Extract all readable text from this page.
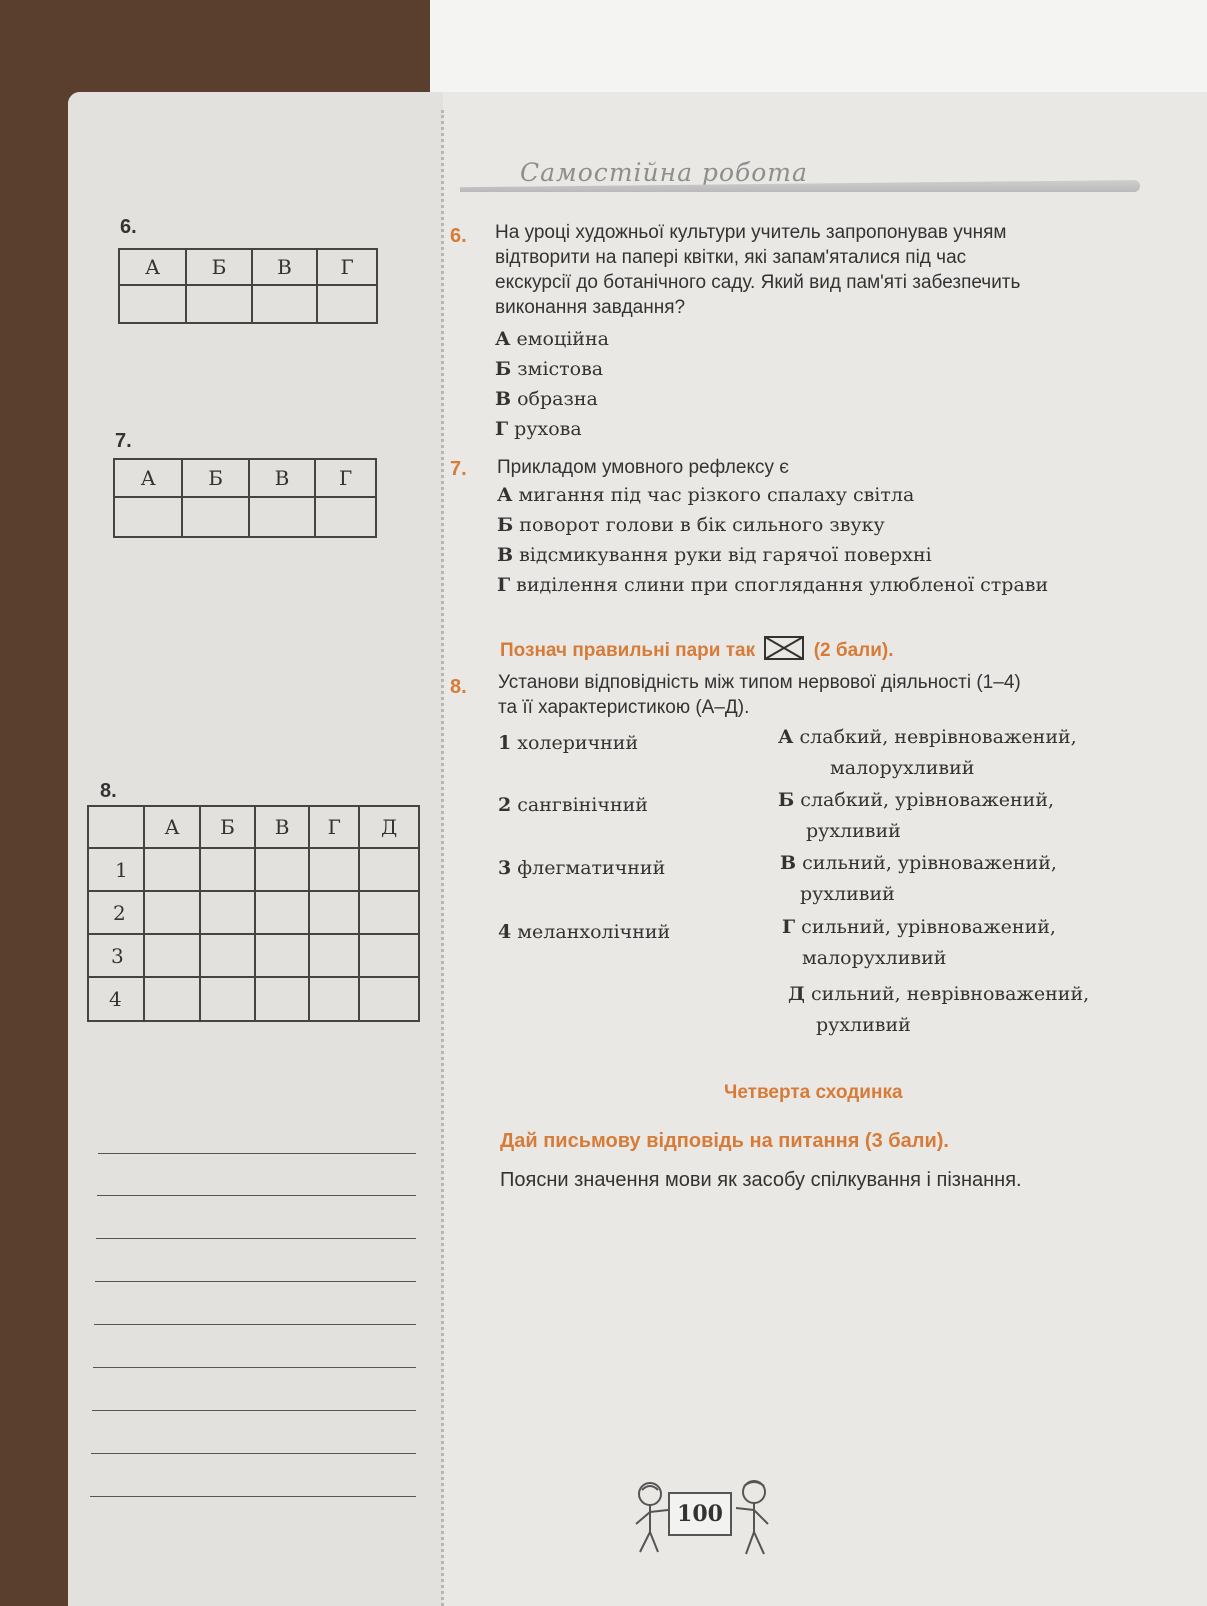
Самостійна робота
6.
А	Б	В	Г

7.
А	Б	В	Г

8.
	А	Б	В	Г	Д
1					
2					
3					
4					
6. На уроці художньої культури учитель запропонував учням
відтворити на папері квітки, які запам'яталися під час
екскурсії до ботанічного саду. Який вид пам'яті забезпечить
виконання завдання?
А емоційна
Б змістова
В образна
Г рухова
7. Прикладом умовного рефлексу є
А мигання під час різкого спалаху світла
Б поворот голови в бік сильного звуку
В відсмикування руки від гарячої поверхні
Г виділення слини при споглядання улюбленої страви
Познач правильні пари так ☒ (2 бали).
8. Установи відповідність між типом нервової діяльності (1–4)
та її характеристикою (А–Д).
1 холеричний
2 сангвінічний
3 флегматичний
4 меланхолічний
А слабкий, неврівноважений,
малорухливий
Б слабкий, урівноважений,
рухливий
В сильний, урівноважений,
рухливий
Г сильний, урівноважений,
малорухливий
Д сильний, неврівноважений,
рухливий
Четверта сходинка
Дай письмову відповідь на питання (3 бали).
Поясни значення мови як засобу спілкування і пізнання.
100
